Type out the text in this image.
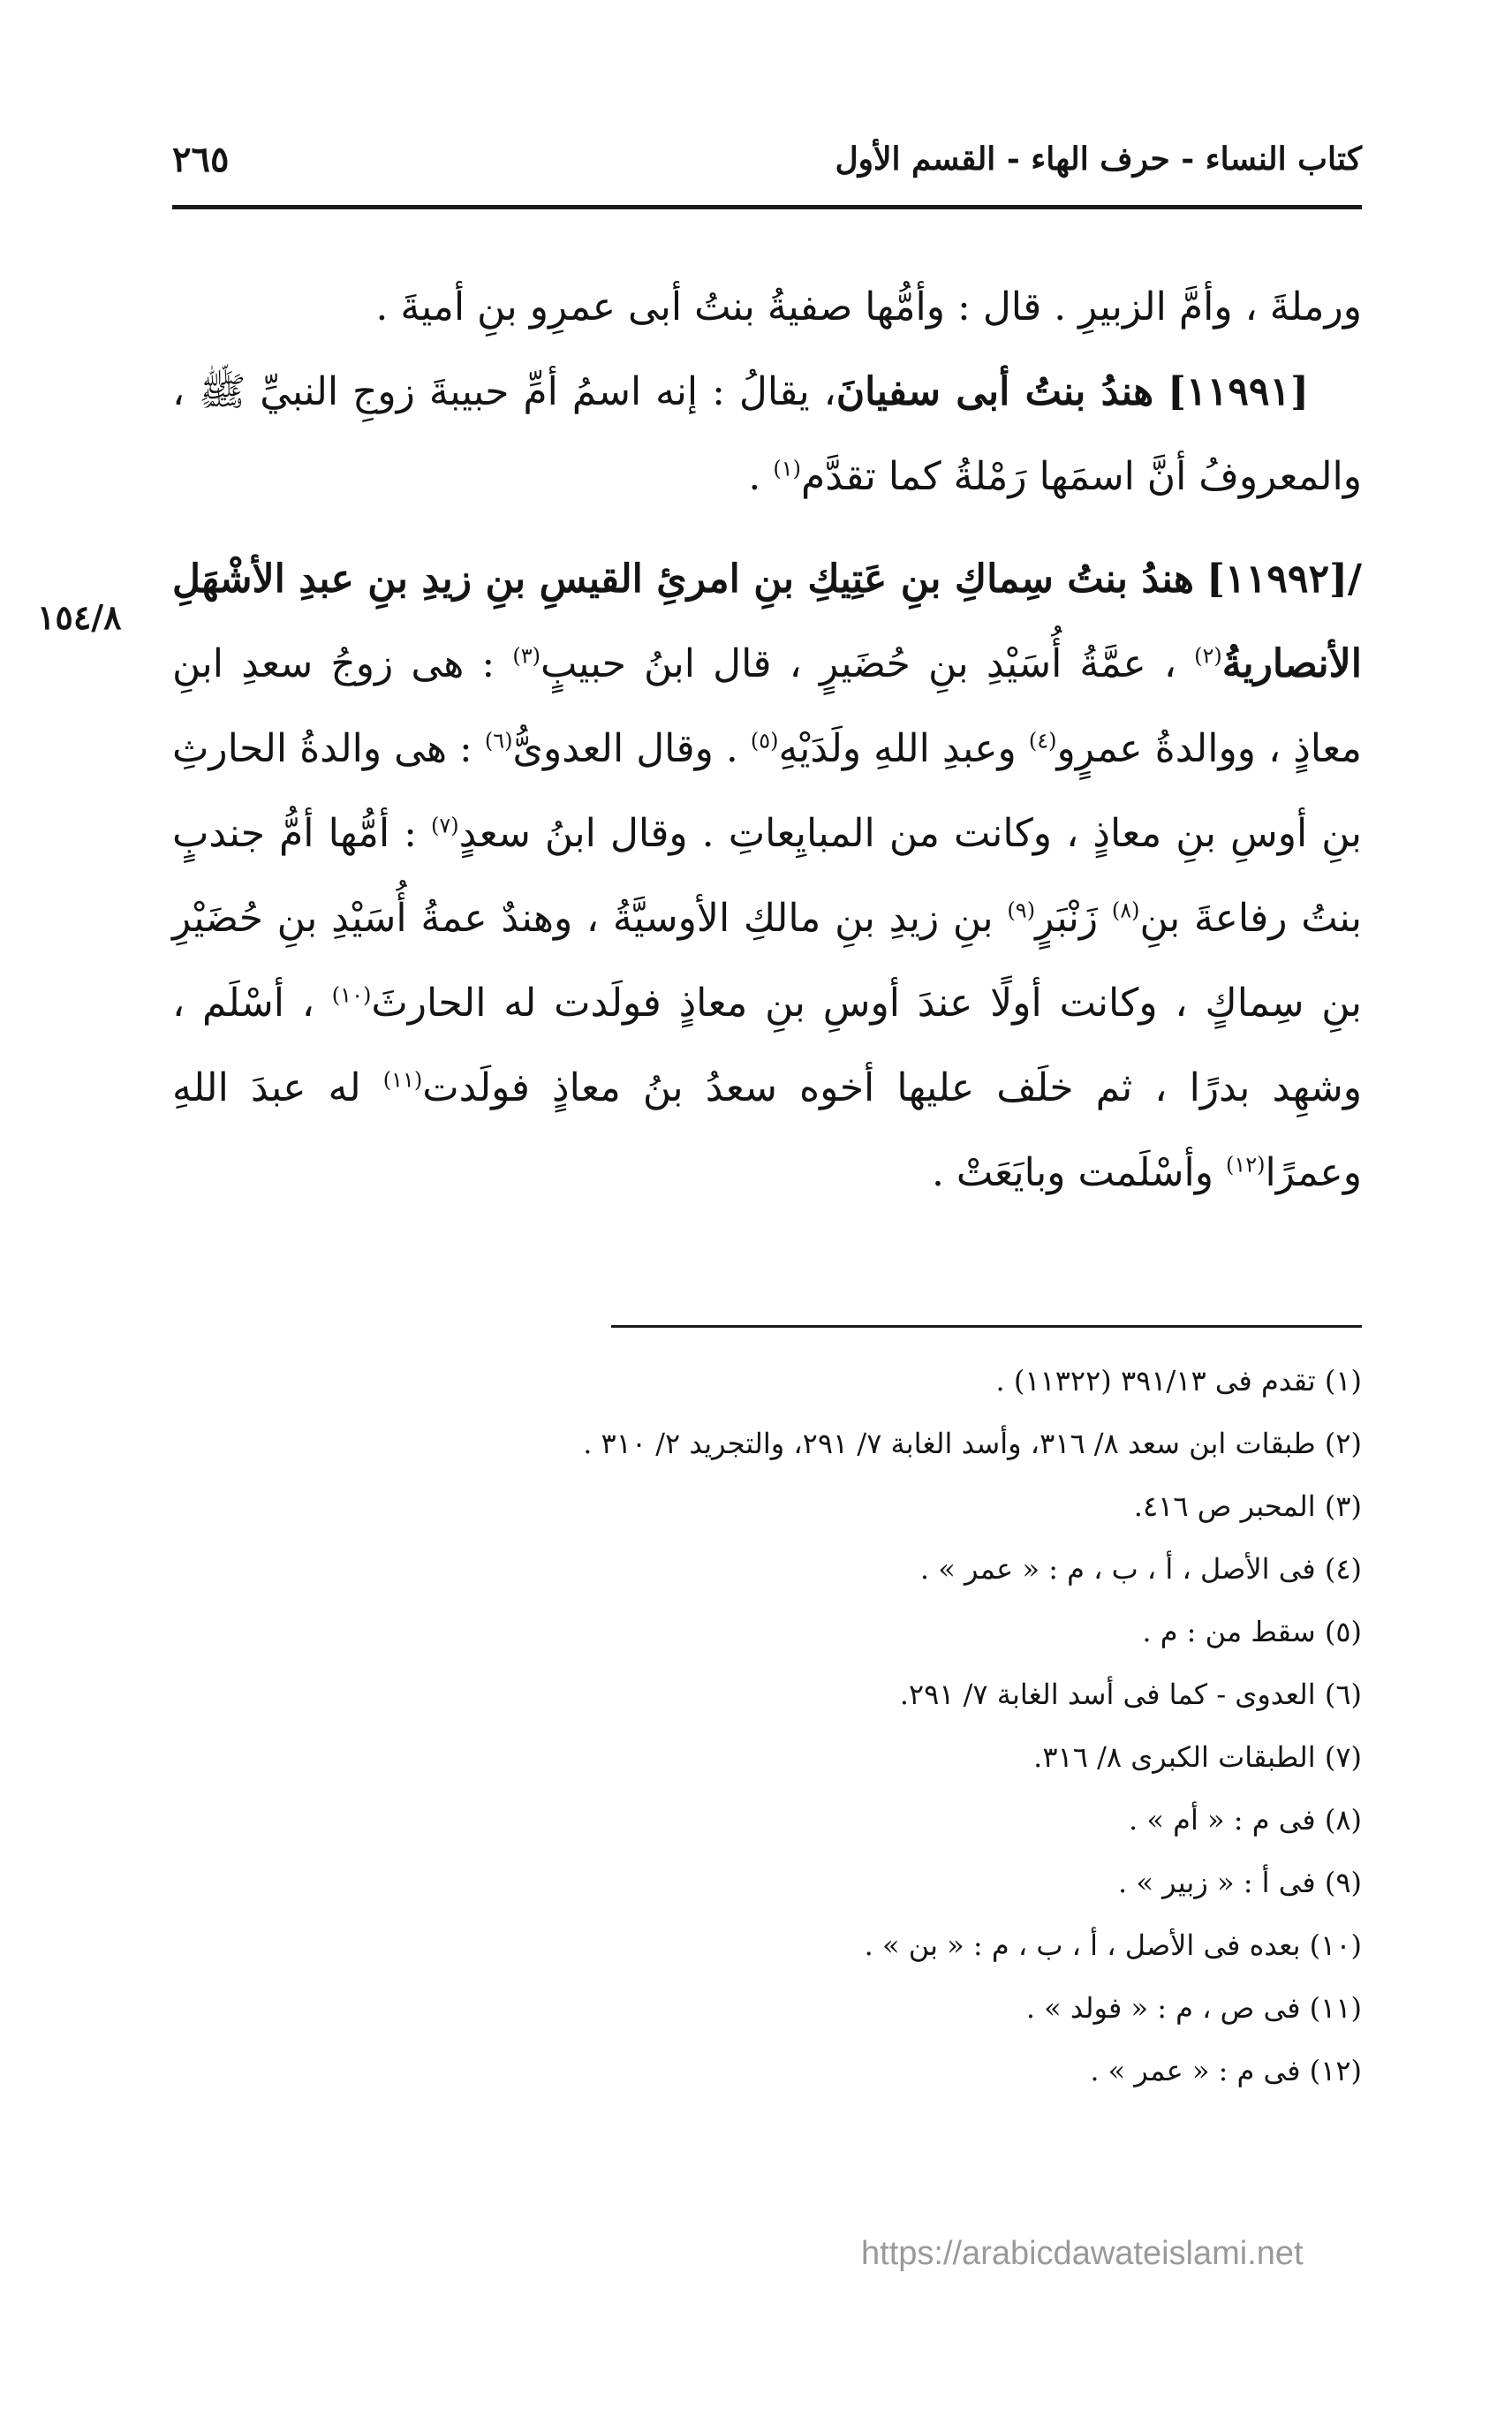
كتاب النساء - حرف الهاء - القسم الأول
٢٦٥
١٥٤/٨

ورملةَ ، وأمَّ الزبيرِ . قال : وأمُّها صفيةُ بنتُ أبى عمرِو بنِ أميةَ .

[١١٩٩١] هندُ بنتُ أبى سفيانَ، يقالُ : إنه اسمُ أمِّ حبيبةَ زوجِ النبيِّ ﷺ ، والمعروفُ أنَّ اسمَها رَمْلةُ كما تقدَّم$^{(١)}$ .

/[١١٩٩٢] هندُ بنتُ سِماكِ بنِ عَتِيكِ بنِ امرئِ القيسِ بنِ زيدِ بنِ عبدِ الأشْهَلِ الأنصاريةُ$^{(٢)}$ ، عمَّةُ أُسَيْدِ بنِ حُضَيرٍ ، قال ابنُ حبيبٍ$^{(٣)}$ : هى زوجُ سعدِ ابنِ معاذٍ ، ووالدةُ عمرٍو$^{(٤)}$ وعبدِ اللهِ ولَدَيْهِ$^{(٥)}$ . وقال العدوىُّ$^{(٦)}$ : هى والدةُ الحارثِ بنِ أوسِ بنِ معاذٍ ، وكانت من المبايِعاتِ . وقال ابنُ سعدٍ$^{(٧)}$ : أمُّها أمُّ جندبٍ بنتُ رفاعةَ بنِ$^{(٨)}$ زَنْبَرٍ$^{(٩)}$ بنِ زيدِ بنِ مالكِ الأوسيَّةُ ، وهندٌ عمةُ أُسَيْدِ بنِ حُضَيْرِ بنِ سِماكٍ ، وكانت أولًا عندَ أوسِ بنِ معاذٍ فولَدت له الحارثَ$^{(١٠)}$ ، أسْلَم ، وشهِد بدرًا ، ثم خلَف عليها أخوه سعدُ بنُ معاذٍ فولَدت$^{(١١)}$ له عبدَ اللهِ وعمرًا$^{(١٢)}$ وأسْلَمت وبايَعَتْ .

(١) تقدم فى ٣٩١/١٣ (١١٣٢٢) .
(٢) طبقات ابن سعد ٨/ ٣١٦، وأسد الغابة ٧/ ٢٩١، والتجريد ٢/ ٣١٠ .
(٣) المحبر ص ٤١٦.
(٤) فى الأصل ، أ ، ب ، م : « عمر » .
(٥) سقط من : م .
(٦) العدوى - كما فى أسد الغابة ٧/ ٢٩١.
(٧) الطبقات الكبرى ٨/ ٣١٦.
(٨) فى م : « أم » .
(٩) فى أ : « زبير » .
(١٠) بعده فى الأصل ، أ ، ب ، م : « بن » .
(١١) فى ص ، م : « فولد » .
(١٢) فى م : « عمر » .
https://arabicdawateislami.net
